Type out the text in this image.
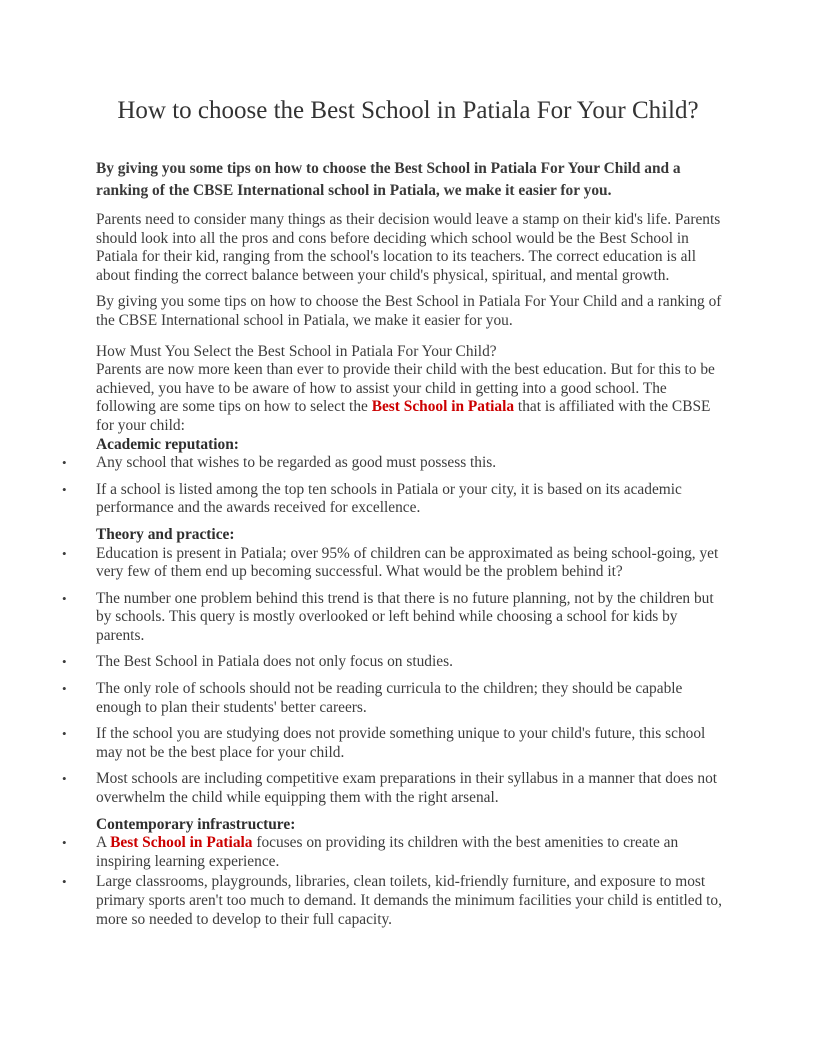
How to choose the Best School in Patiala For Your Child?

By giving you some tips on how to choose the Best School in Patiala For Your Child and a ranking of the CBSE International school in Patiala, we make it easier for you.

Parents need to consider many things as their decision would leave a stamp on their kid's life. Parents should look into all the pros and cons before deciding which school would be the Best School in Patiala for their kid, ranging from the school's location to its teachers. The correct education is all about finding the correct balance between your child's physical, spiritual, and mental growth.

By giving you some tips on how to choose the Best School in Patiala For Your Child and a ranking of the CBSE International school in Patiala, we make it easier for you.

How Must You Select the Best School in Patiala For Your Child?

Parents are now more keen than ever to provide their child with the best education. But for this to be achieved, you have to be aware of how to assist your child in getting into a good school. The following are some tips on how to select the Best School in Patiala that is affiliated with the CBSE for your child:

Academic reputation:

• Any school that wishes to be regarded as good must possess this.
• If a school is listed among the top ten schools in Patiala or your city, it is based on its academic performance and the awards received for excellence.

Theory and practice:

• Education is present in Patiala; over 95% of children can be approximated as being school-going, yet very few of them end up becoming successful. What would be the problem behind it?
• The number one problem behind this trend is that there is no future planning, not by the children but by schools. This query is mostly overlooked or left behind while choosing a school for kids by parents.
• The Best School in Patiala does not only focus on studies.
• The only role of schools should not be reading curricula to the children; they should be capable enough to plan their students' better careers.
• If the school you are studying does not provide something unique to your child's future, this school may not be the best place for your child.
• Most schools are including competitive exam preparations in their syllabus in a manner that does not overwhelm the child while equipping them with the right arsenal.

Contemporary infrastructure:

• A Best School in Patiala focuses on providing its children with the best amenities to create an inspiring learning experience.
• Large classrooms, playgrounds, libraries, clean toilets, kid-friendly furniture, and exposure to most primary sports aren't too much to demand. It demands the minimum facilities your child is entitled to, more so needed to develop to their full capacity.
